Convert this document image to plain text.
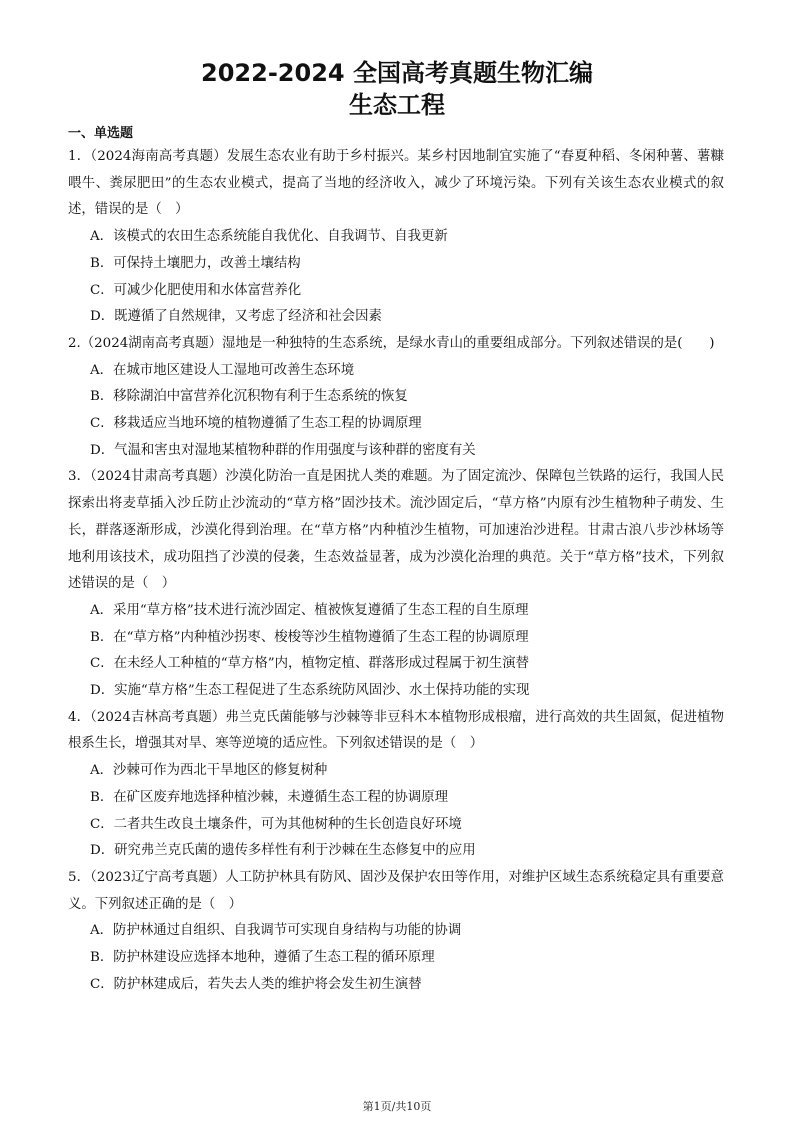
2022-2024 全国高考真题生物汇编
生态工程
一、单选题

1．（2024海南高考真题）发展生态农业有助于乡村振兴。某乡村因地制宜实施了“春夏种稻、冬闲种薯、薯糠喂牛、粪尿肥田”的生态农业模式，提高了当地的经济收入，减少了环境污染。下列有关该生态农业模式的叙述，错误的是（　）

A．该模式的农田生态系统能自我优化、自我调节、自我更新

B．可保持土壤肥力，改善土壤结构

C．可减少化肥使用和水体富营养化

D．既遵循了自然规律，又考虑了经济和社会因素

2.（2024湖南高考真题）湿地是一种独特的生态系统，是绿水青山的重要组成部分。下列叙述错误的是(　　)

A．在城市地区建设人工湿地可改善生态环境

B．移除湖泊中富营养化沉积物有利于生态系统的恢复

C．移栽适应当地环境的植物遵循了生态工程的协调原理

D．气温和害虫对湿地某植物种群的作用强度与该种群的密度有关

3．（2024甘肃高考真题）沙漠化防治一直是困扰人类的难题。为了固定流沙、保障包兰铁路的运行，我国人民探索出将麦草插入沙丘防止沙流动的“草方格”固沙技术。流沙固定后，“草方格”内原有沙生植物种子萌发、生长，群落逐渐形成，沙漠化得到治理。在“草方格”内种植沙生植物，可加速治沙进程。甘肃古浪八步沙林场等地利用该技术，成功阻挡了沙漠的侵袭，生态效益显著，成为沙漠化治理的典范。关于“草方格”技术，下列叙述错误的是（　）

A．采用“草方格”技术进行流沙固定、植被恢复遵循了生态工程的自生原理

B．在“草方格”内种植沙拐枣、梭梭等沙生植物遵循了生态工程的协调原理

C．在未经人工种植的“草方格”内，植物定植、群落形成过程属于初生演替

D．实施“草方格”生态工程促进了生态系统防风固沙、水土保持功能的实现

4．（2024吉林高考真题）弗兰克氏菌能够与沙棘等非豆科木本植物形成根瘤，进行高效的共生固氮，促进植物根系生长，增强其对旱、寒等逆境的适应性。下列叙述错误的是（　）

A．沙棘可作为西北干旱地区的修复树种

B．在矿区废弃地选择种植沙棘，未遵循生态工程的协调原理

C．二者共生改良土壤条件，可为其他树种的生长创造良好环境

D．研究弗兰克氏菌的遗传多样性有利于沙棘在生态修复中的应用

5．（2023辽宁高考真题）人工防护林具有防风、固沙及保护农田等作用，对维护区域生态系统稳定具有重要意义。下列叙述正确的是（　）

A．防护林通过自组织、自我调节可实现自身结构与功能的协调

B．防护林建设应选择本地种，遵循了生态工程的循环原理

C．防护林建成后，若失去人类的维护将会发生初生演替

第1页/共10页
